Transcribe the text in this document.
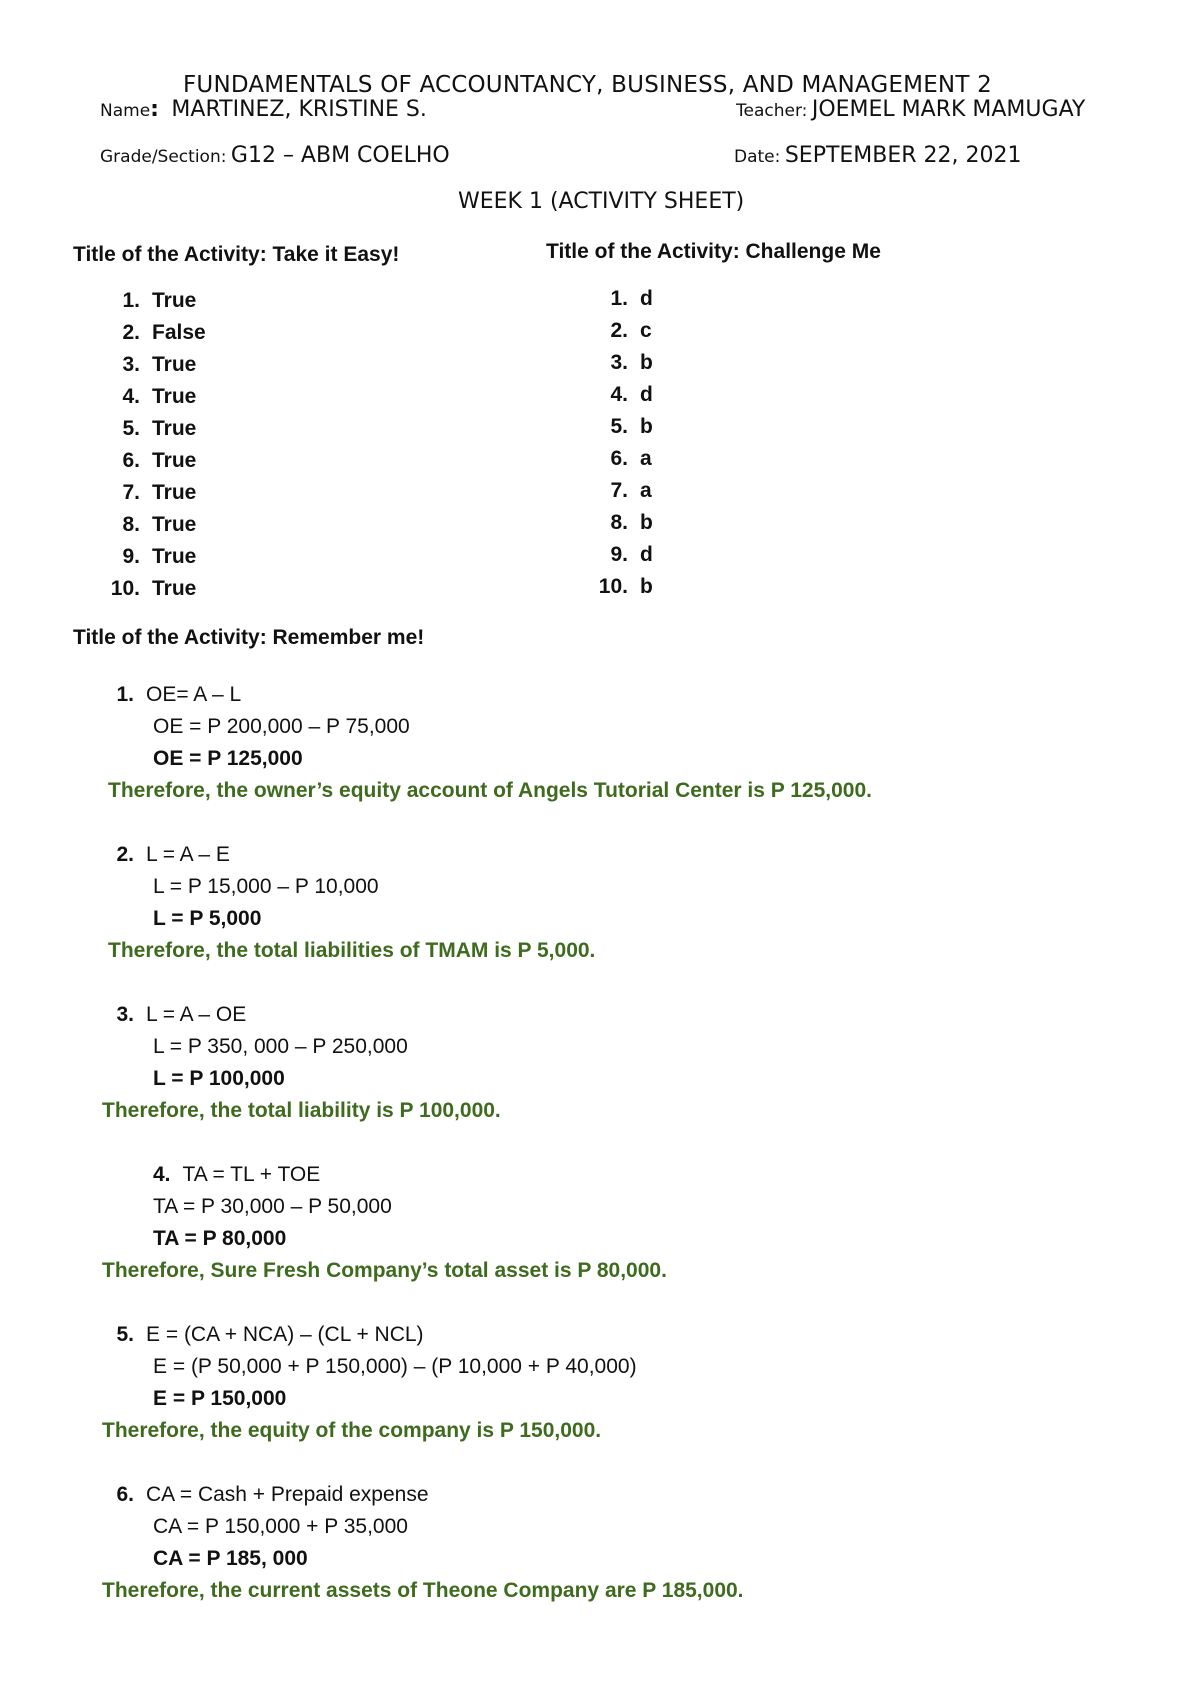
FUNDAMENTALS OF ACCOUNTANCY, BUSINESS, AND MANAGEMENT 2
Name: MARTINEZ, KRISTINE S.	Teacher: JOEMEL MARK MAMUGAY
Grade/Section: G12 – ABM COELHO	Date: SEPTEMBER 22, 2021
WEEK 1 (ACTIVITY SHEET)
Title of the Activity: Take it Easy!
1. True
2. False
3. True
4. True
5. True
6. True
7. True
8. True
9. True
10. True
Title of the Activity: Challenge Me
1. d
2. c
3. b
4. d
5. b
6. a
7. a
8. b
9. d
10. b
Title of the Activity: Remember me!
1. OE= A – L
OE = P 200,000 – P 75,000
OE = P 125,000
Therefore, the owner’s equity account of Angels Tutorial Center is P 125,000.
2. L = A – E
L = P 15,000 – P 10,000
L = P 5,000
Therefore, the total liabilities of TMAM is P 5,000.
3. L = A – OE
L = P 350, 000 – P 250,000
L = P 100,000
Therefore, the total liability is P 100,000.
4. TA = TL + TOE
TA = P 30,000 – P 50,000
TA = P 80,000
Therefore, Sure Fresh Company’s total asset is P 80,000.
5. E = (CA + NCA) – (CL + NCL)
E = (P 50,000 + P 150,000) – (P 10,000 + P 40,000)
E = P 150,000
Therefore, the equity of the company is P 150,000.
6. CA = Cash + Prepaid expense
CA = P 150,000 + P 35,000
CA = P 185, 000
Therefore, the current assets of Theone Company are P 185,000.
